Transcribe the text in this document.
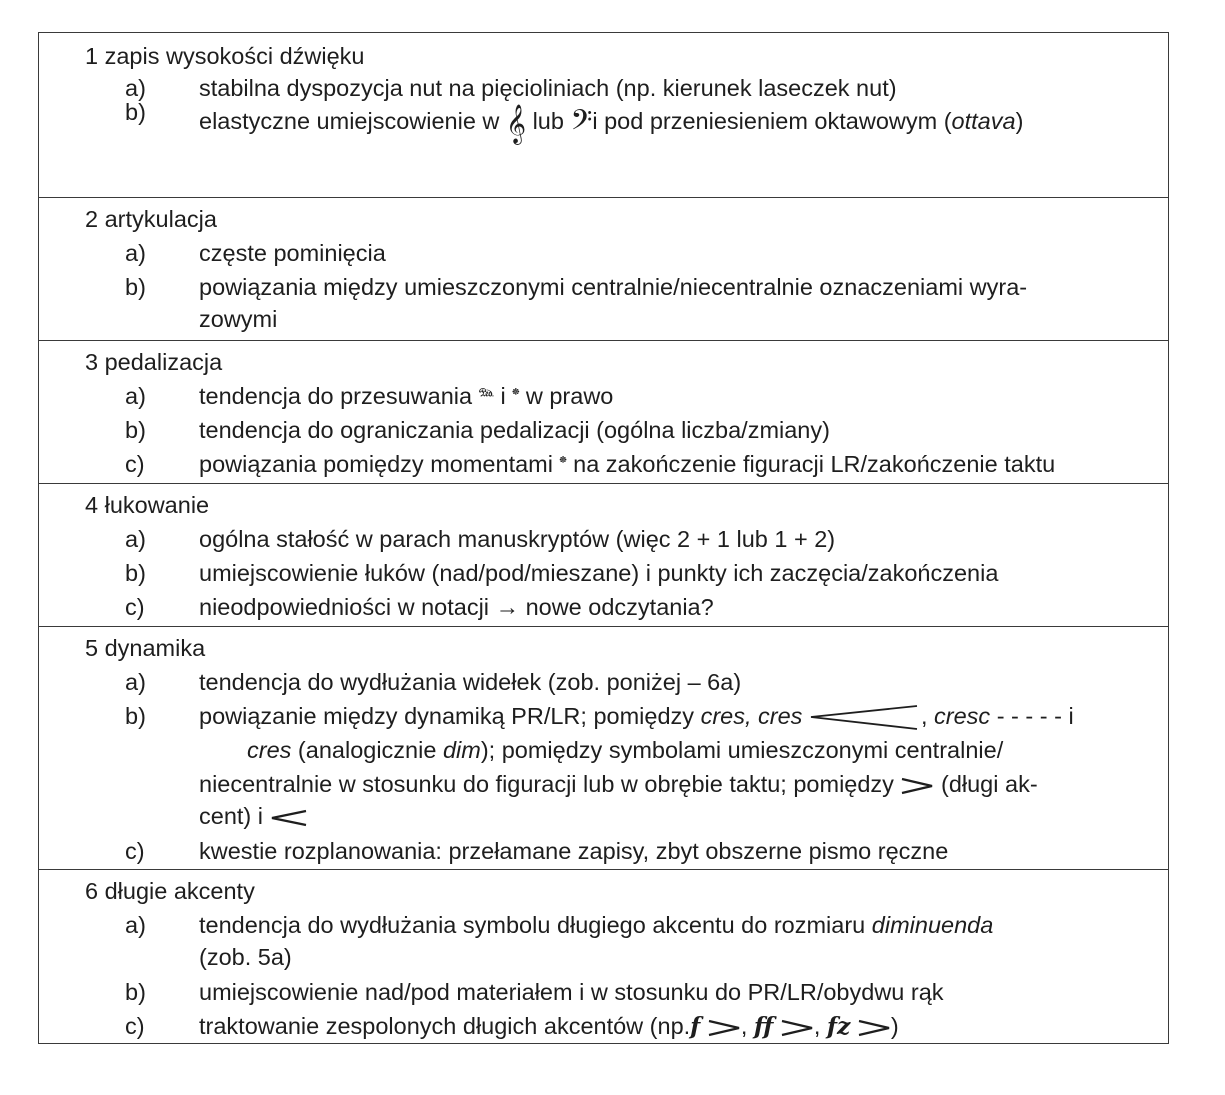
1 zapis wysokości dźwięku
a) stabilna dyspozycja nut na pięcioliniach (np. kierunek laseczek nut)
b) elastyczne umiejscowienie w 𝄞 lub 𝄢i pod przeniesieniem oktawowym (ottava)
2 artykulacja
a) częste pominięcia
b) powiązania między umieszczonymi centralnie/niecentralnie oznaczeniami wyra-
zowymi
3 pedalizacja
a) tendencja do przesuwania 𝆮 i 𝆯 w prawo
b) tendencja do ograniczania pedalizacji (ogólna liczba/zmiany)
c) powiązania pomiędzy momentami 𝆯 na zakończenie figuracji LR/zakończenie taktu
4 łukowanie
a) ogólna stałość w parach manuskryptów (więc 2 + 1 lub 1 + 2)
b) umiejscowienie łuków (nad/pod/mieszane) i punkty ich zaczęcia/zakończenia
c) nieodpowiedniości w notacji → nowe odczytania?
5 dynamika
a) tendencja do wydłużania widełek (zob. poniżej – 6a)
b) powiązanie między dynamiką PR/LR; pomiędzy cres, cres	, cresc - - - - - i
cres (analogicznie dim); pomiędzy symbolami umieszczonymi centralnie/
niecentralnie w stosunku do figuracji lub w obrębie taktu; pomiędzy (długi ak-
cent) i
c) kwestie rozplanowania: przełamane zapisy, zbyt obszerne pismo ręczne
6 długie akcenty
a) tendencja do wydłużania symbolu długiego akcentu do rozmiaru diminuenda
(zob. 5a)
b) umiejscowienie nad/pod materiałem i w stosunku do PR/LR/obydwu rąk
c) traktowanie zespolonych długich akcentów (np.f , ff , fz )
